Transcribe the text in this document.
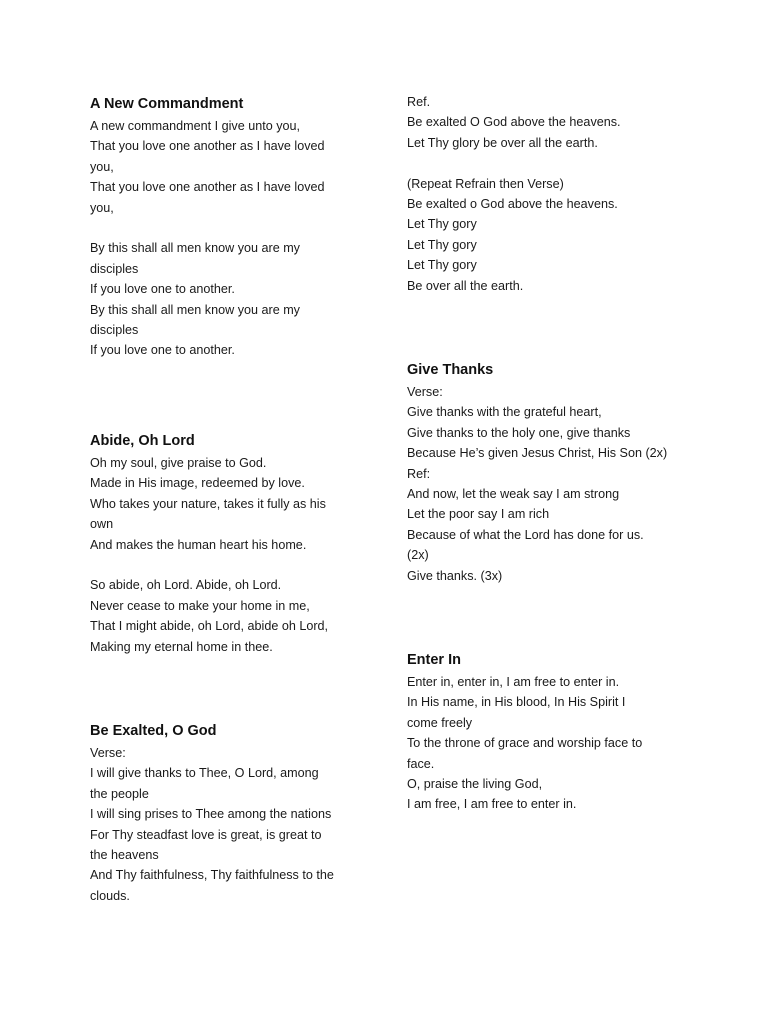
A New Commandment
A new commandment I give unto you,
That you love one another as I have loved
you,
That you love one another as I have loved
you,
By this shall all men know you are my
disciples
If you love one to another.
By this shall all men know you are my
disciples
If you love one to another.
Abide, Oh Lord
Oh my soul, give praise to God.
Made in His image, redeemed by love.
Who takes your nature, takes it fully as his
own
And makes the human heart his home.
So abide, oh Lord. Abide, oh Lord.
Never cease to make your home in me,
That I might abide, oh Lord, abide oh Lord,
Making my eternal home in thee.
Be Exalted, O God
Verse:
I will give thanks to Thee, O Lord, among
the people
I will sing prises to Thee among the nations
For Thy steadfast love is great, is great to
the heavens
And Thy faithfulness, Thy faithfulness to the
clouds.
Ref.
Be exalted O God above the heavens.
Let Thy glory be over all the earth.
(Repeat Refrain then Verse)
Be exalted o God above the heavens.
Let Thy gory
Let Thy gory
Let Thy gory
Be over all the earth.
Give Thanks
Verse:
Give thanks with the grateful heart,
Give thanks to the holy one, give thanks
Because He’s given Jesus Christ, His Son (2x)
Ref:
And now, let the weak say I am strong
Let the poor say I am rich
Because of what the Lord has done for us.
(2x)
Give thanks. (3x)
Enter In
Enter in, enter in, I am free to enter in.
In His name, in His blood, In His Spirit I
come freely
To the throne of grace and worship face to
face.
O, praise the living God,
I am free, I am free to enter in.
